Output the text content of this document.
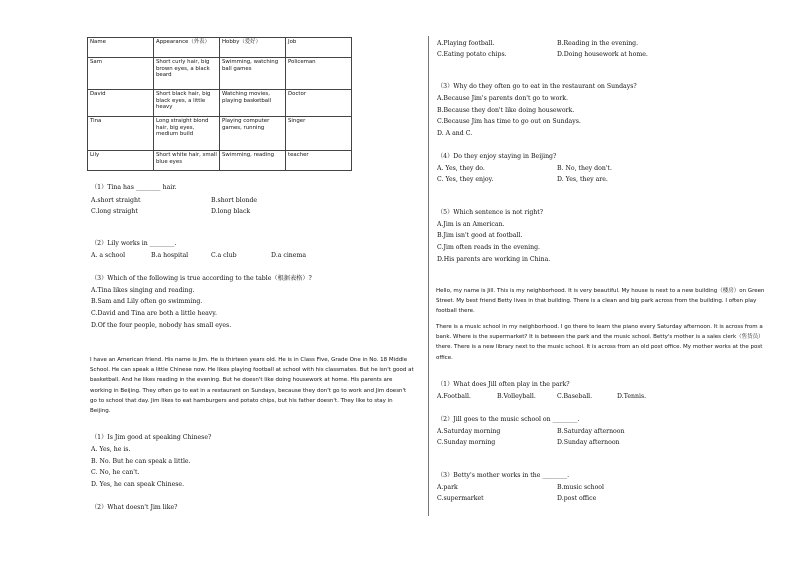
Name	Appearance（外表）	Hobby（爱好）	Job
Sam	Short curly hair, big brown eyes, a black beard	Swimming, watching ball games	Policeman
David	Short black hair, big black eyes, a little heavy	Watching movies, playing basketball	Doctor
Tina	Long straight blond hair, big eyes, medium build	Playing computer games, running	Singer
Lily	Short white hair, small blue eyes	Swimming, reading	teacher
（1）Tina has ________ hair.
A.short straight	B.short blonde
C.long straight	D.long black
（2）Lily works in ________.
A. a school	B.a hospital	C.a club	D.a cinema
（3）Which of the following is true according to the table（根据表格）?
A.Tina likes singing and reading.
B.Sam and Lily often go swimming.
C.David and Tina are both a little heavy.
D.Of the four people, nobody has small eyes.
I have an American friend. His name is Jim. He is thirteen years old. He is in Class Five, Grade One in No. 18 Middle School. He can speak a little Chinese now. He likes playing football at school with his classmates. But he isn't good at basketball. And he likes reading in the evening. But he doesn't like doing housework at home. His parents are working in Beijing. They often go to eat in a restaurant on Sundays, because they don't go to work and Jim doesn't go to school that day. Jim likes to eat hamburgers and potato chips, but his father doesn't. They like to stay in Beijing.
（1）Is Jim good at speaking Chinese?
A. Yes, he is.
B. No. But he can speak a little.
C. No, he can't.
D. Yes, he can speak Chinese.
（2）What doesn't Jim like?
A.Playing football.	B.Reading in the evening.
C.Eating potato chips.	D.Doing housework at home.
（3）Why do they often go to eat in the restaurant on Sundays?
A.Because Jim's parents don't go to work.
B.Because they don't like doing housework.
C.Because Jim has time to go out on Sundays.
D. A and C.
（4）Do they enjoy staying in Beijing?
A. Yes, they do.	B. No, they don't.
C. Yes, they enjoy.	D. Yes, they are.
（5）Which sentence is not right?
A.Jim is an American.
B.Jim isn't good at football.
C.Jim often reads in the evening.
D.His parents are working in China.
Hello, my name is Jill. This is my neighborhood. It is very beautiful. My house is next to a new building（楼房）on Green Street. My best friend Betty lives in that building. There is a clean and big park across from the building. I often play football there.
There is a music school in my neighborhood. I go there to learn the piano every Saturday afternoon. It is across from a bank. Where is the supermarket? It is between the park and the music school. Betty's mother is a sales clerk（售货员）there. There is a new library next to the music school. It is across from an old post office. My mother works at the post office.
（1）What does Jill often play in the park?
A.Football.	B.Volleyball.	C.Baseball.	D.Tennis.
（2）Jill goes to the music school on ________.
A.Saturday morning	B.Saturday afternoon
C.Sunday morning	D.Sunday afternoon
（3）Betty's mother works in the ________.
A.park	B.music school
C.supermarket	D.post office
